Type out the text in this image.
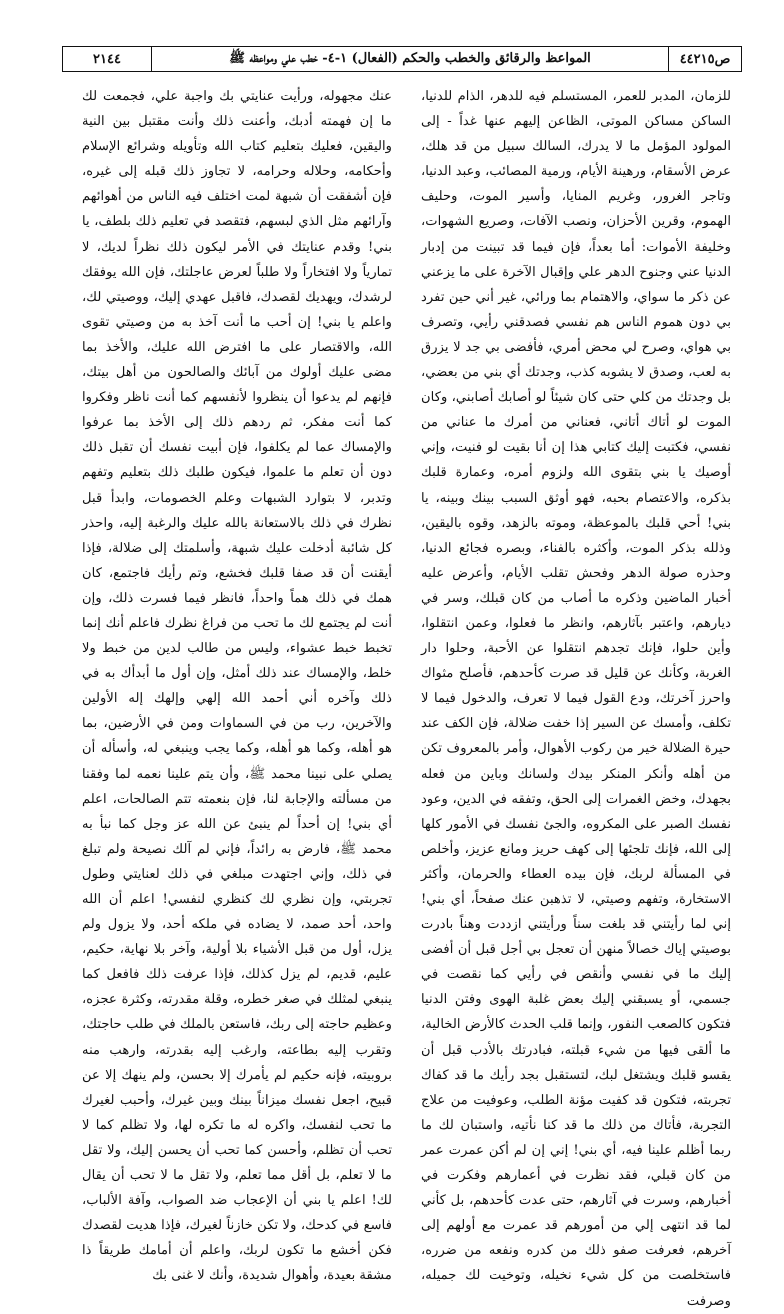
٢١٤٤	المواعظ والرقائق والخطب والحكم (الفعال) ١-٤- خطب علي ومواعظه ﷺ	ص٤٤٢١٥

للزمان، المدبر للعمر، المستسلم فيه للدهر، الذام للدنيا، الساكن مساكن الموتى، الظاعن إليهم عنها غداً - إلى المولود المؤمل ما لا يدرك، السالك سبيل من قد هلك، عرض الأسقام، ورهينة الأيام، ورمية المصائب، وعبد الدنيا، وتاجر الغرور، وغريم المنايا، وأسير الموت، وحليف الهموم، وقرين الأحزان، ونصب الآفات، وصريع الشهوات، وخليفة الأموات: أما بعداً، فإن فيما قد تبينت من إدبار الدنيا عني وجنوح الدهر علي وإقبال الآخرة على ما يزعني عن ذكر ما سواي، والاهتمام بما ورائي، غير أني حين تفرد بي دون هموم الناس هم نفسي فصدقني رأيي، وتصرف بي هواي، وصرح لي محض أمري، فأفضى بي جد لا يزرق به لعب، وصدق لا يشوبه كذب، وجدتك أي بني من بعضي، بل وجدتك من كلي حتى كان شيئاً لو أصابك أصابني، وكان الموت لو أتاك أتاني، فعناني من أمرك ما عناني من نفسي، فكتبت إليك كتابي هذا إن أنا بقيت لو فنيت، وإني أوصيك يا بني بتقوى الله ولزوم أمره، وعمارة قلبك بذكره، والاعتصام بحبه، فهو أوثق السبب بينك وبينه، يا بني! أحي قلبك بالموعظة، وموته بالزهد، وقوه باليقين، وذلله بذكر الموت، وأكثره بالفناء، وبصره فجائع الدنيا، وحذره صولة الدهر وفحش تقلب الأيام، وأعرض عليه أخبار الماضين وذكره ما أصاب من كان قبلك، وسر في ديارهم، واعتبر بآثارهم، وانظر ما فعلوا، وعمن انتقلوا، وأين حلوا، فإنك تجدهم انتقلوا عن الأحبة، وحلوا دار الغربة، وكأنك عن قليل قد صرت كأحدهم، فأصلح مثواك واحرز آخرتك، ودع القول فيما لا تعرف، والدخول فيما لا تكلف، وأمسك عن السير إذا خفت ضلالة، فإن الكف عند حيرة الضلالة خير من ركوب الأهوال، وأمر بالمعروف تكن من أهله وأنكر المنكر بيدك ولسانك وباين من فعله بجهدك، وخض الغمرات إلى الحق، وتفقه في الدين، وعود نفسك الصبر على المكروه، والجئ نفسك في الأمور كلها إلى الله، فإنك تلجئها إلى كهف حريز ومانع عزيز، وأخلص في المسألة لربك، فإن بيده العطاء والحرمان، وأكثر الاستخارة، وتفهم وصيتي، لا تذهبن عنك صفحاً، أي بني! إني لما رأيتني قد بلغت سناً ورأيتني ازددت وهناً بادرت بوصيتي إياك خصالاً منهن أن تعجل بي أجل قبل أن أفضى إليك ما في نفسي وأنقص في رأيي كما نقصت في جسمي، أو يسبقني إليك بعض غلبة الهوى وفتن الدنيا فتكون كالصعب النفور، وإنما قلب الحدث كالأرض الخالية، ما ألقى فيها من شيء قبلته، فبادرتك بالأدب قبل أن يقسو قلبك ويشتغل لبك، لتستقبل بجد رأيك ما قد كفاك تجربته، فتكون قد كفيت مؤنة الطلب، وعوفيت من علاج التجربة، فأتاك من ذلك ما قد كنا نأتيه، واستبان لك ما ربما أظلم علينا فيه، أي بني! إني إن لم أكن عمرت عمر من كان قبلي، فقد نظرت في أعمارهم وفكرت في أخبارهم، وسرت في آثارهم، حتى عدت كأحدهم، بل كأني لما قد انتهى إلي من أمورهم قد عمرت مع أولهم إلى آخرهم، فعرفت صفو ذلك من كدره ونفعه من ضرره، فاستخلصت من كل شيء نخيله، وتوخيت لك جميله، وصرفت

عنك مجهوله، ورأيت عنايتي بك واجبة علي، فجمعت لك ما إن فهمته أدبك، وأعنت ذلك وأنت مقتبل بين النية واليقين، فعليك بتعليم كتاب الله وتأويله وشرائع الإسلام وأحكامه، وحلاله وحرامه، لا تجاوز ذلك قبله إلى غيره، فإن أشفقت أن شبهة لمت اختلف فيه الناس من أهوائهم وآرائهم مثل الذي لبسهم، فتقصد في تعليم ذلك بلطف، يا بني! وقدم عنايتك في الأمر ليكون ذلك نظراً لديك، لا تمارياً ولا افتخاراً ولا طلباً لعرض عاجلتك، فإن الله يوفقك لرشدك، ويهديك لقصدك، فاقبل عهدي إليك، ووصيتي لك، واعلم يا بني! إن أحب ما أنت آخذ به من وصيتي تقوى الله، والاقتصار على ما افترض الله عليك، والأخذ بما مضى عليك أولوك من آبائك والصالحون من أهل بيتك، فإنهم لم يدعوا أن ينظروا لأنفسهم كما أنت ناظر وفكروا كما أنت مفكر، ثم ردهم ذلك إلى الأخذ بما عرفوا والإمساك عما لم يكلفوا، فإن أبيت نفسك أن تقبل ذلك دون أن تعلم ما علموا، فيكون طلبك ذلك بتعليم وتفهم وتدبر، لا بتوارد الشبهات وعلم الخصومات، وابدأ قبل نظرك في ذلك بالاستعانة بالله عليك والرغبة إليه، واحذر كل شائبة أدخلت عليك شبهة، وأسلمتك إلى ضلالة، فإذا أيقنت أن قد صفا قلبك فخشع، وتم رأيك فاجتمع، كان همك في ذلك هماً واحداً، فانظر فيما فسرت ذلك، وإن أنت لم يجتمع لك ما تحب من فراغ نظرك فاعلم أنك إنما تخبط خبط عشواء، وليس من طالب لدين من خبط ولا خلط، والإمساك عند ذلك أمثل، وإن أول ما أبدأك به في ذلك وآخره أني أحمد الله إلهي وإلهك إله الأولين والآخرين، رب من في السماوات ومن في الأرضين، بما هو أهله، وكما هو أهله، وكما يجب وينبغي له، وأسأله أن يصلي على نبينا محمد ﷺ، وأن يتم علينا نعمه لما وفقنا من مسألته والإجابة لنا، فإن بنعمته تتم الصالحات، اعلم أي بني! إن أحداً لم ينبئ عن الله عز وجل كما نبأ به محمد ﷺ، فارض به رائداً، فإني لم آلك نصيحة ولم تبلغ في ذلك، وإني اجتهدت مبلغي في ذلك لعنايتي وطول تجربتي، وإن نظري لك كنظري لنفسي! اعلم أن الله واحد، أحد صمد، لا يضاده في ملكه أحد، ولا يزول ولم يزل، أول من قبل الأشياء بلا أولية، وآخر بلا نهاية، حكيم، عليم، قديم، لم يزل كذلك، فإذا عرفت ذلك فافعل كما ينبغي لمثلك في صغر خطره، وقلة مقدرته، وكثرة عجزه، وعظيم حاجته إلى ربك، فاستعن بالملك في طلب حاجتك، وتقرب إليه بطاعته، وارغب إليه بقدرته، وارهب منه بروبيته، فإنه حكيم لم يأمرك إلا بحسن، ولم ينهك إلا عن قبيح، اجعل نفسك ميزاناً بينك وبين غيرك، وأحبب لغيرك ما تحب لنفسك، واكره له ما تكره لها، ولا تظلم كما لا تحب أن تظلم، وأحسن كما تحب أن يحسن إليك، ولا تقل ما لا تعلم، بل أقل مما تعلم، ولا تقل ما لا تحب أن يقال لك! اعلم يا بني أن الإعجاب ضد الصواب، وآفة الألباب، فاسع في كدحك، ولا تكن خازناً لغيرك، فإذا هديت لقصدك فكن أخشع ما تكون لربك، واعلم أن أمامك طريقاً ذا مشقة بعيدة، وأهوال شديدة، وأنك لا غنى بك
